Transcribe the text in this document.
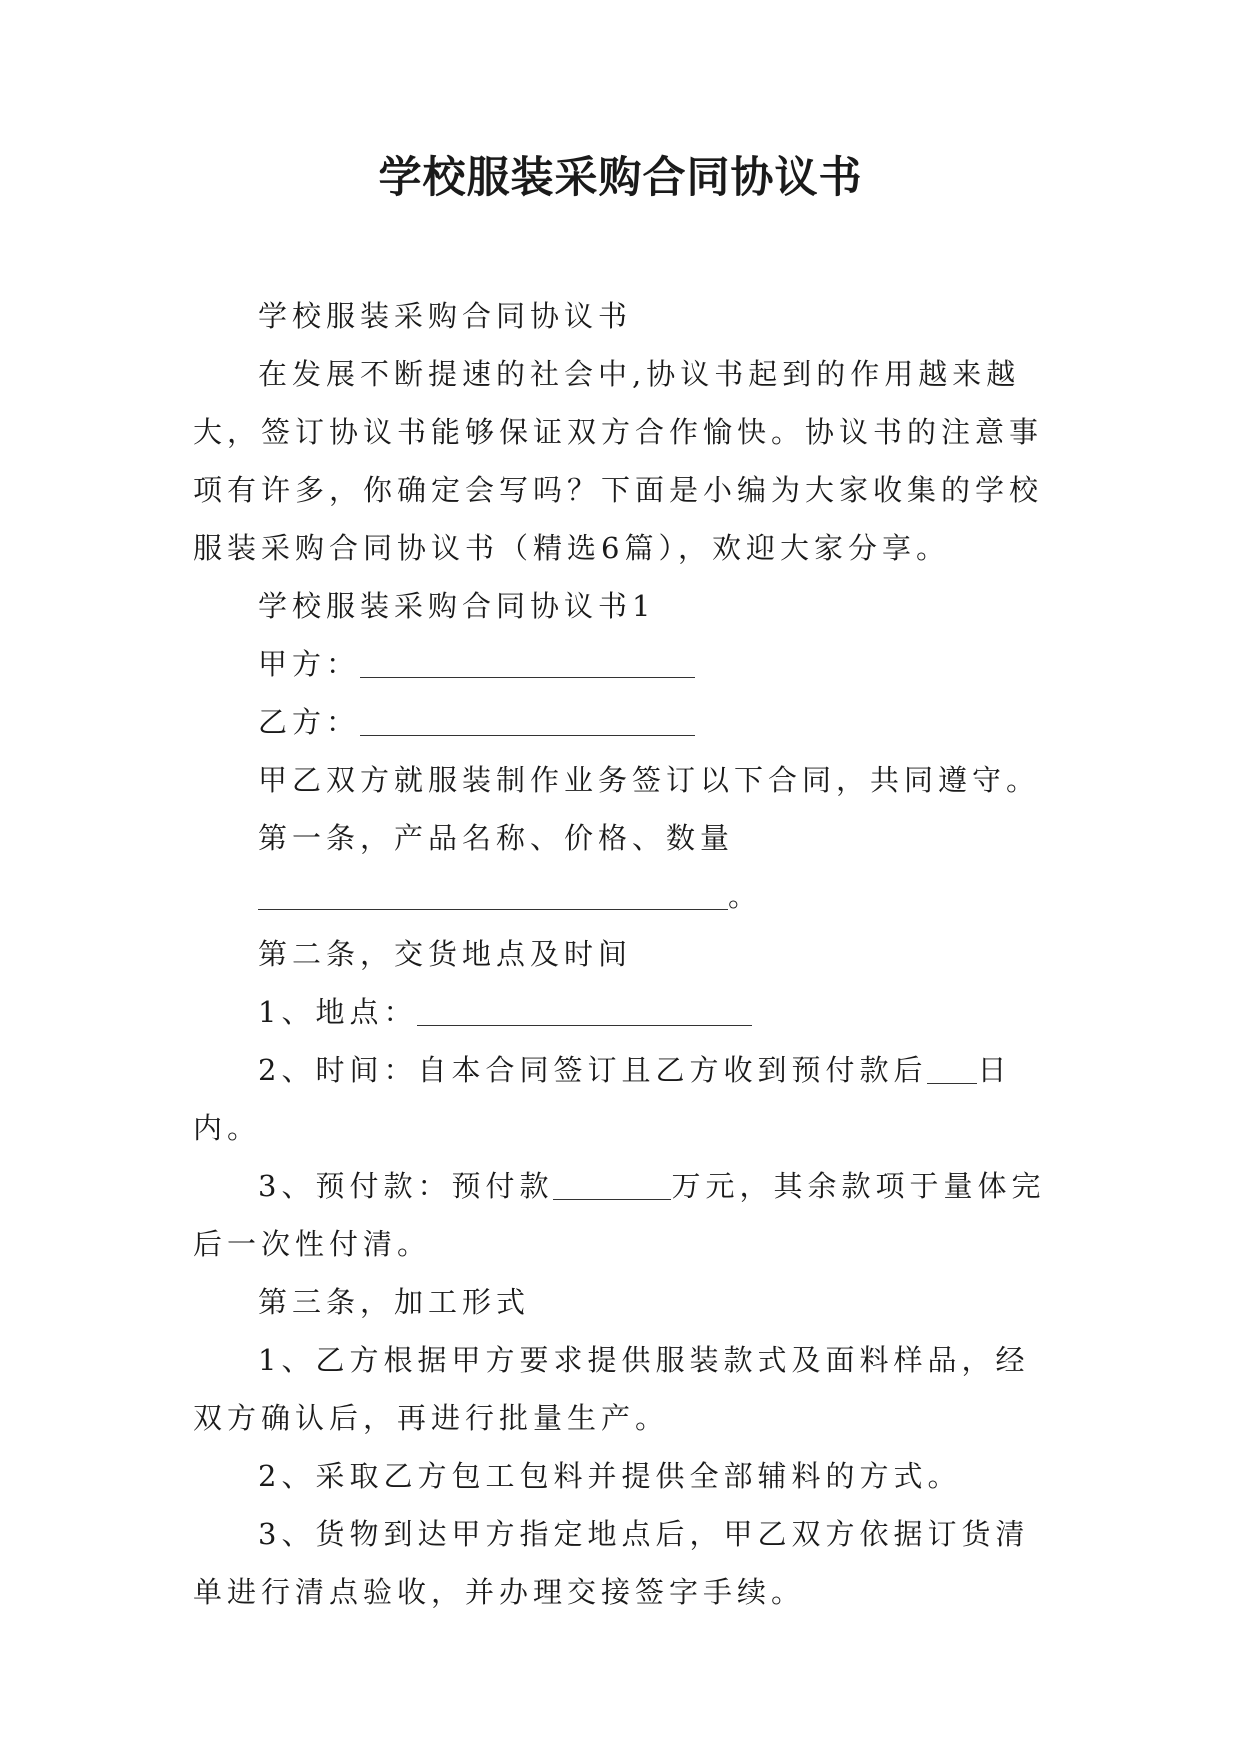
学校服装采购合同协议书

学校服装采购合同协议书

在发展不断提速的社会中,协议书起到的作用越来越大，签订协议书能够保证双方合作愉快。协议书的注意事项有许多，你确定会写吗？下面是小编为大家收集的学校服装采购合同协议书（精选6篇），欢迎大家分享。

学校服装采购合同协议书1

甲方：

乙方：

甲乙双方就服装制作业务签订以下合同，共同遵守。

第一条，产品名称、价格、数量

。

第二条，交货地点及时间

1、地点：

2、时间：自本合同签订且乙方收到预付款后 日内。

3、预付款：预付款	万元，其余款项于量体完后一次性付清。

第三条，加工形式

1、乙方根据甲方要求提供服装款式及面料样品，经双方确认后，再进行批量生产。

2、采取乙方包工包料并提供全部辅料的方式。

3、货物到达甲方指定地点后，甲乙双方依据订货清单进行清点验收，并办理交接签字手续。
